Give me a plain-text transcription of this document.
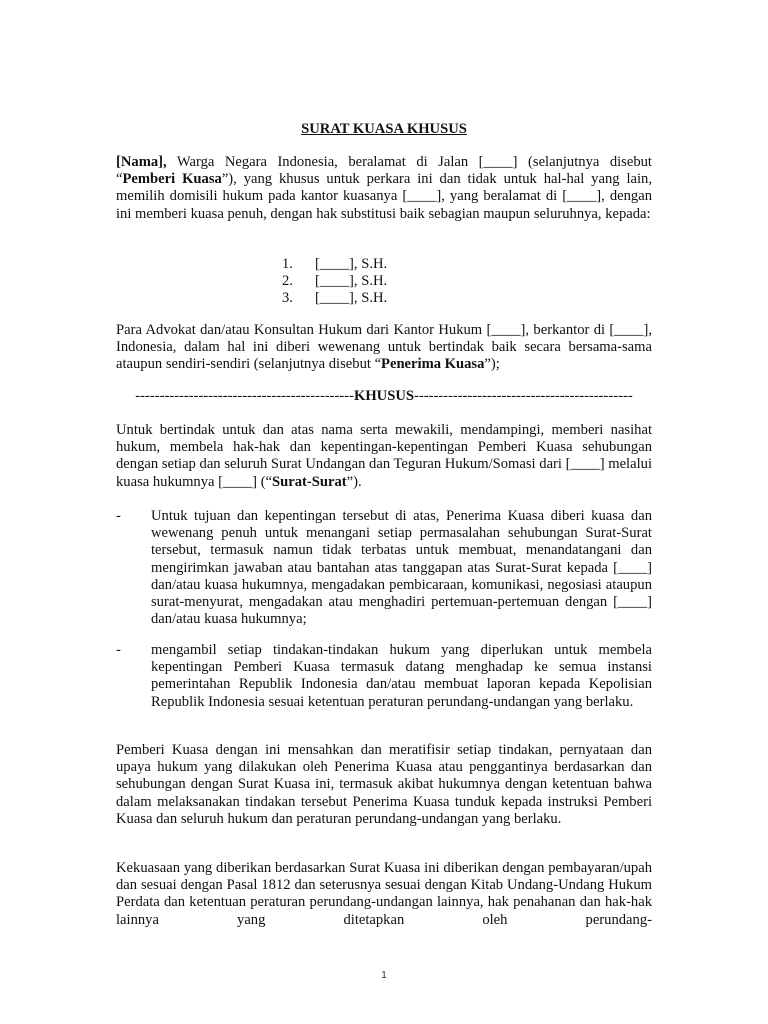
SURAT KUASA KHUSUS

[Nama], Warga Negara Indonesia, beralamat di Jalan [____] (selanjutnya disebut “Pemberi Kuasa”), yang khusus untuk perkara ini dan tidak untuk hal-hal yang lain, memilih domisili hukum pada kantor kuasanya [____], yang beralamat di [____], dengan ini memberi kuasa penuh, dengan hak substitusi baik sebagian maupun seluruhnya, kepada:

1.	[____], S.H.
2.	[____], S.H.
3.	[____], S.H.

Para Advokat dan/atau Konsultan Hukum dari Kantor Hukum [____], berkantor di [____], Indonesia, dalam hal ini diberi wewenang untuk bertindak baik secara bersama-sama ataupun sendiri-sendiri (selanjutnya disebut “Penerima Kuasa”);

---------------------------------------------KHUSUS---------------------------------------------

Untuk bertindak untuk dan atas nama serta mewakili, mendampingi, memberi nasihat hukum, membela hak-hak dan kepentingan-kepentingan Pemberi Kuasa sehubungan dengan setiap dan seluruh Surat Undangan dan Teguran Hukum/Somasi dari [____] melalui kuasa hukumnya [____] (“Surat-Surat”).

- Untuk tujuan dan kepentingan tersebut di atas, Penerima Kuasa diberi kuasa dan wewenang penuh untuk menangani setiap permasalahan sehubungan Surat-Surat tersebut, termasuk namun tidak terbatas untuk membuat, menandatangani dan mengirimkan jawaban atau bantahan atas tanggapan atas Surat-Surat kepada [____] dan/atau kuasa hukumnya, mengadakan pembicaraan, komunikasi, negosiasi ataupun surat-menyurat, mengadakan atau menghadiri pertemuan-pertemuan dengan [____] dan/atau kuasa hukumnya;
- mengambil setiap tindakan-tindakan hukum yang diperlukan untuk membela kepentingan Pemberi Kuasa termasuk datang menghadap ke semua instansi pemerintahan Republik Indonesia dan/atau membuat laporan kepada Kepolisian Republik Indonesia sesuai ketentuan peraturan perundang-undangan yang berlaku.

Pemberi Kuasa dengan ini mensahkan dan meratifisir setiap tindakan, pernyataan dan upaya hukum yang dilakukan oleh Penerima Kuasa atau penggantinya berdasarkan dan sehubungan dengan Surat Kuasa ini, termasuk akibat hukumnya dengan ketentuan bahwa dalam melaksanakan tindakan tersebut Penerima Kuasa tunduk kepada instruksi Pemberi Kuasa dan seluruh hukum dan peraturan perundang-undangan yang berlaku.

Kekuasaan yang diberikan berdasarkan Surat Kuasa ini diberikan dengan pembayaran/upah dan sesuai dengan Pasal 1812 dan seterusnya sesuai dengan Kitab Undang-Undang Hukum Perdata dan ketentuan peraturan perundang-undangan lainnya, hak penahanan dan hak-hak lainnya yang ditetapkan oleh perundang-

1
